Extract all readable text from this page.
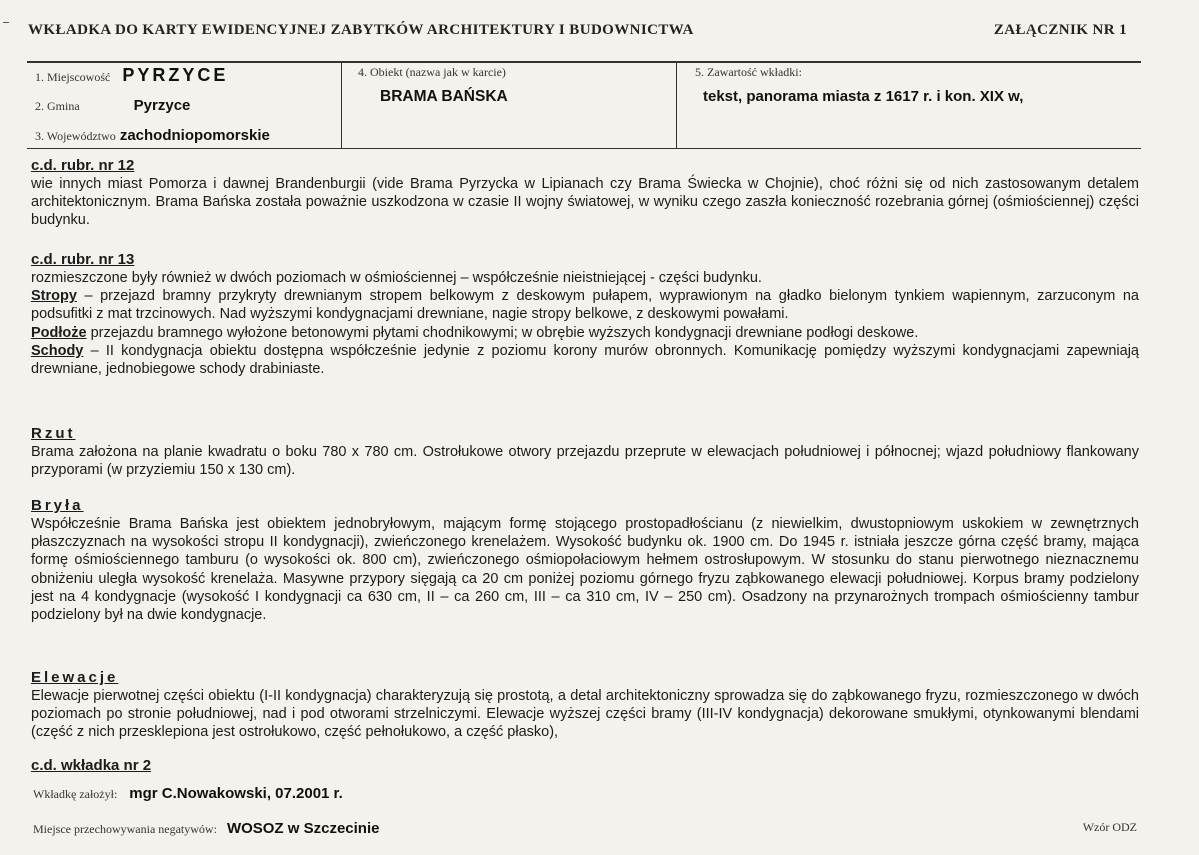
WKŁADKA DO KARTY EWIDENCYJNEJ ZABYTKÓW ARCHITEKTURY I BUDOWNICTWA	ZAŁĄCZNIK NR 1
1. Miejscowość PYRZYCE
2. Gmina	Pyrzyce
3. Województwo zachodniopomorskie
4. Obiekt (nazwa jak w karcie)
BRAMA BAŃSKA
5. Zawartość wkładki:
tekst, panorama miasta z 1617 r. i kon. XIX w,
c.d. rubr. nr 12

wie innych miast Pomorza i dawnej Brandenburgii (vide Brama Pyrzycka w Lipianach czy Brama Świecka w Chojnie), choć różni się od nich zastosowanym detalem architektonicznym. Brama Bańska została poważnie uszkodzona w czasie II wojny światowej, w wyniku czego zaszła konieczność rozebrania górnej (ośmiościennej) części budynku.

c.d. rubr. nr 13

rozmieszczone były również w dwóch poziomach w ośmiościennej – współcześnie nieistniejącej - części budynku.

Stropy – przejazd bramny przykryty drewnianym stropem belkowym z deskowym pułapem, wyprawionym na gładko bielonym tynkiem wapiennym, zarzuconym na podsufitki z mat trzcinowych. Nad wyższymi kondygnacjami drewniane, nagie stropy belkowe, z deskowymi powałami.

Podłoże przejazdu bramnego wyłożone betonowymi płytami chodnikowymi; w obrębie wyższych kondygnacji drewniane podłogi deskowe.

Schody – II kondygnacja obiektu dostępna współcześnie jedynie z poziomu korony murów obronnych. Komunikację pomiędzy wyższymi kondygnacjami zapewniają drewniane, jednobiegowe schody drabiniaste.

Rzut

Brama założona na planie kwadratu o boku 780 x 780 cm. Ostrołukowe otwory przejazdu przeprute w elewacjach południowej i północnej; wjazd południowy flankowany przyporami (w przyziemiu 150 x 130 cm).

Bryła

Współcześnie Brama Bańska jest obiektem jednobryłowym, mającym formę stojącego prostopadłościanu (z niewielkim, dwustopniowym uskokiem w zewnętrznych płaszczyznach na wysokości stropu II kondygnacji), zwieńczonego krenelażem. Wysokość budynku ok. 1900 cm. Do 1945 r. istniała jeszcze górna część bramy, mająca formę ośmiościennego tamburu (o wysokości ok. 800 cm), zwieńczonego ośmiopołaciowym hełmem ostrosłupowym. W stosunku do stanu pierwotnego nieznacznemu obniżeniu uległa wysokość krenelaża. Masywne przypory sięgają ca 20 cm poniżej poziomu górnego fryzu ząbkowanego elewacji południowej. Korpus bramy podzielony jest na 4 kondygnacje (wysokość I kondygnacji ca 630 cm, II – ca 260 cm, III – ca 310 cm, IV – 250 cm). Osadzony na przynarożnych trompach ośmiościenny tambur podzielony był na dwie kondygnacje.

Elewacje

Elewacje pierwotnej części obiektu (I-II kondygnacja) charakteryzują się prostotą, a detal architektoniczny sprowadza się do ząbkowanego fryzu, rozmieszczonego w dwóch poziomach po stronie południowej, nad i pod otworami strzelniczymi. Elewacje wyższej części bramy (III-IV kondygnacja) dekorowane smukłymi, otynkowanymi blendami (część z nich przesklepiona jest ostrołukowo, część pełnołukowo, a część płasko),

c.d. wkładka nr 2
Wkładkę założył: mgr C.Nowakowski, 07.2001 r.
Miejsce przechowywania negatywów: WOSOZ w Szczecinie	Wzór ODZ
